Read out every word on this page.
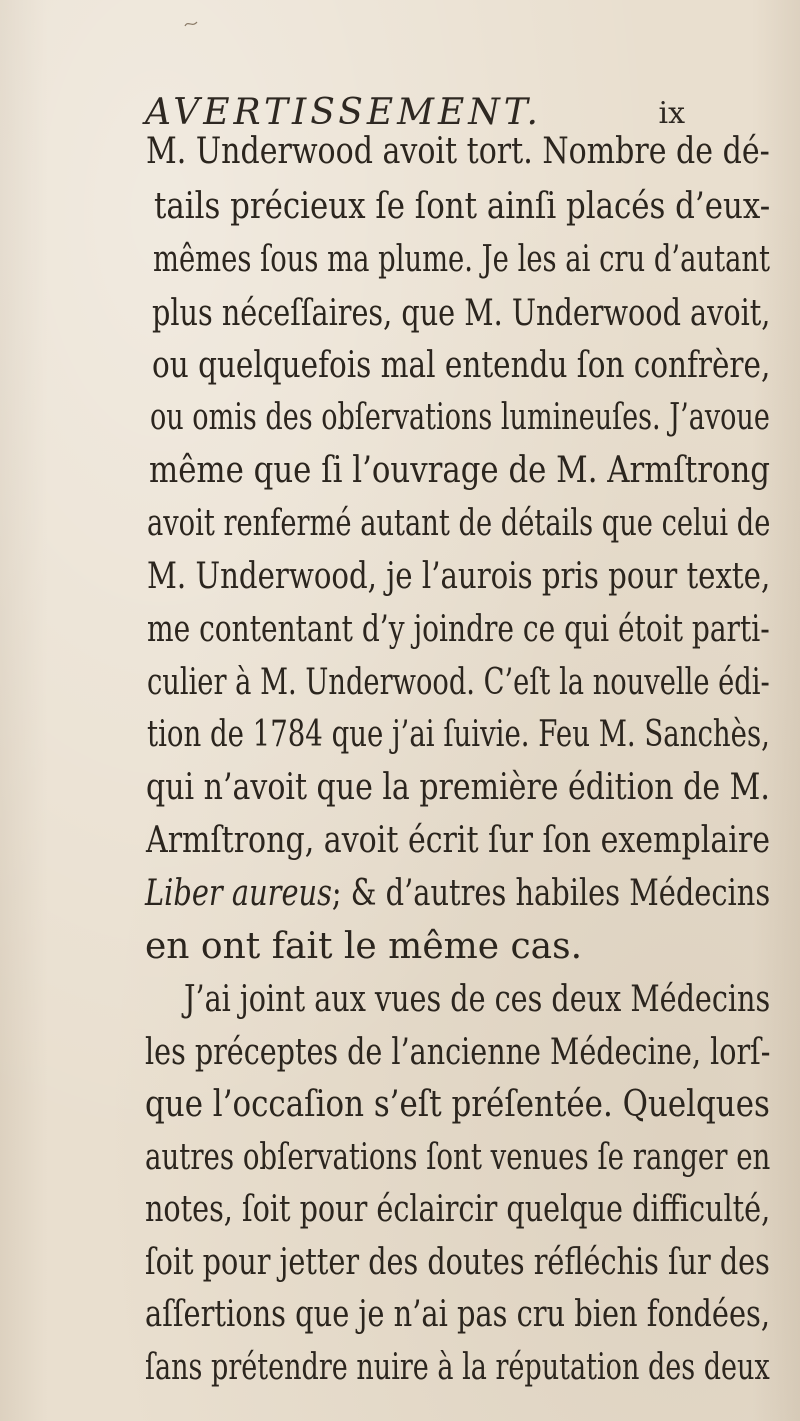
AVERTISSEMENT.	ix
M. Underwood avoit tort. Nombre de dé-
tails précieux ſe ſont ainſi placés d’eux-
mêmes ſous ma plume. Je les ai cru d’autant
plus néceſſaires, que M. Underwood avoit,
ou quelquefois mal entendu ſon confrère,
ou omis des obſervations lumineuſes. J’avoue
même que ſi l’ouvrage de M. Armſtrong
avoit renfermé autant de détails que celui de
M. Underwood, je l’aurois pris pour texte,
me contentant d’y joindre ce qui étoit parti-
culier à M. Underwood. C’eſt la nouvelle édi-
tion de 1784 que j’ai ſuivie. Feu M. Sanchès,
qui n’avoit que la première édition de M.
Armſtrong, avoit écrit ſur ſon exemplaire
Liber aureus; & d’autres habiles Médecins
en ont fait le même cas.
J’ai joint aux vues de ces deux Médecins
les préceptes de l’ancienne Médecine, lorſ-
que l’occaſion s’eſt préſentée. Quelques
autres obſervations ſont venues ſe ranger en
notes, ſoit pour éclaircir quelque difficulté,
ſoit pour jetter des doutes réfléchis ſur des
aſſertions que je n’ai pas cru bien fondées,
ſans prétendre nuire à la réputation des deux
